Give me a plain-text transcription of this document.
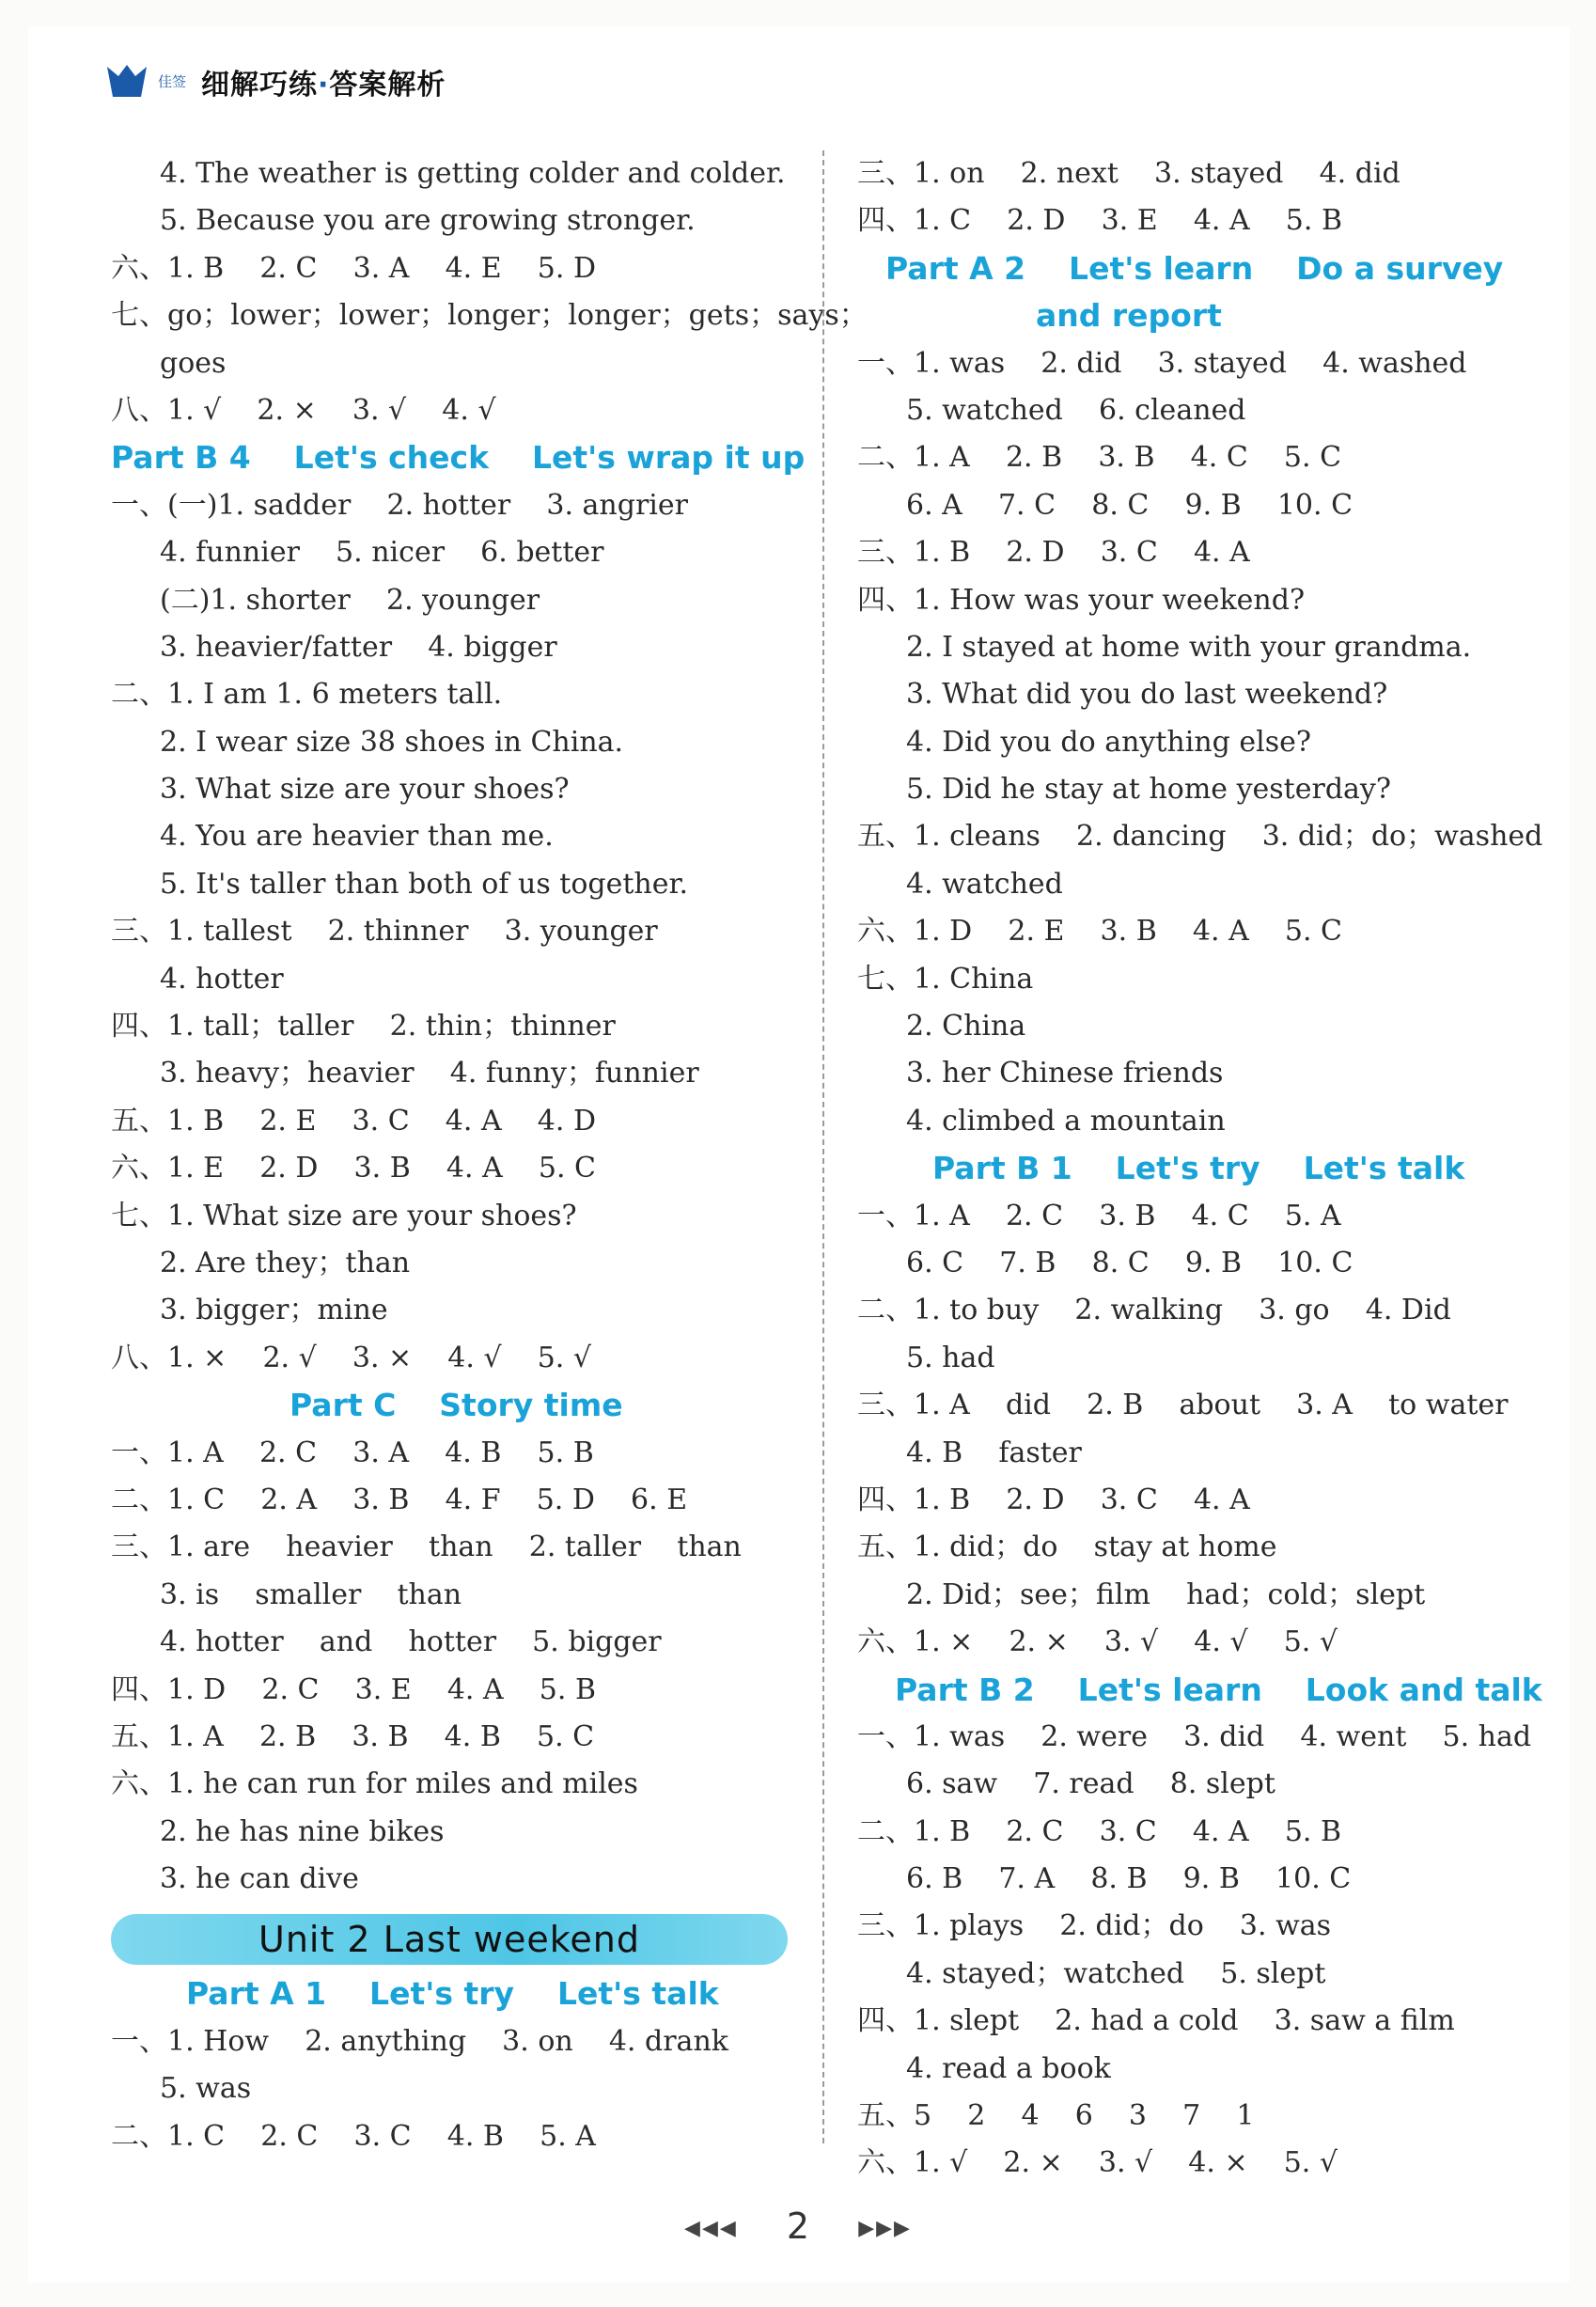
佳签 细解巧练·答案解析
4. The weather is getting colder and colder.
5. Because you are growing stronger.
六、1. B    2. C    3. A    4. E    5. D
七、go；lower；lower；longer；longer；gets；says；
goes
八、1. √    2. ×    3. √    4. √
Part B 4    Let's check    Let's wrap it up
一、(一)1. sadder    2. hotter    3. angrier
4. funnier    5. nicer    6. better
(二)1. shorter    2. younger
3. heavier/fatter    4. bigger
二、1. I am 1. 6 meters tall.
2. I wear size 38 shoes in China.
3. What size are your shoes?
4. You are heavier than me.
5. It's taller than both of us together.
三、1. tallest    2. thinner    3. younger
4. hotter
四、1. tall；taller    2. thin；thinner
3. heavy；heavier    4. funny；funnier
五、1. B    2. E    3. C    4. A    4. D
六、1. E    2. D    3. B    4. A    5. C
七、1. What size are your shoes?
2. Are they；than
3. bigger；mine
八、1. ×    2. √    3. ×    4. √    5. √
Part C    Story time
一、1. A    2. C    3. A    4. B    5. B
二、1. C    2. A    3. B    4. F    5. D    6. E
三、1. are    heavier    than    2. taller    than
3. is    smaller    than
4. hotter    and    hotter    5. bigger
四、1. D    2. C    3. E    4. A    5. B
五、1. A    2. B    3. B    4. B    5. C
六、1. he can run for miles and miles
2. he has nine bikes
3. he can dive
Unit 2 Last weekend
Part A 1    Let's try    Let's talk
一、1. How    2. anything    3. on    4. drank
5. was
二、1. C    2. C    3. C    4. B    5. A
三、1. on    2. next    3. stayed    4. did
四、1. C    2. D    3. E    4. A    5. B
Part A 2    Let's learn    Do a survey
and report
一、1. was    2. did    3. stayed    4. washed
5. watched    6. cleaned
二、1. A    2. B    3. B    4. C    5. C
6. A    7. C    8. C    9. B    10. C
三、1. B    2. D    3. C    4. A
四、1. How was your weekend?
2. I stayed at home with your grandma.
3. What did you do last weekend?
4. Did you do anything else?
5. Did he stay at home yesterday?
五、1. cleans    2. dancing    3. did；do；washed
4. watched
六、1. D    2. E    3. B    4. A    5. C
七、1. China
2. China
3. her Chinese friends
4. climbed a mountain
Part B 1    Let's try    Let's talk
一、1. A    2. C    3. B    4. C    5. A
6. C    7. B    8. C    9. B    10. C
二、1. to buy    2. walking    3. go    4. Did
5. had
三、1. A    did    2. B    about    3. A    to water
4. B    faster
四、1. B    2. D    3. C    4. A
五、1. did；do    stay at home
2. Did；see；film    had；cold；slept
六、1. ×    2. ×    3. √    4. √    5. √
Part B 2    Let's learn    Look and talk
一、1. was    2. were    3. did    4. went    5. had
6. saw    7. read    8. slept
二、1. B    2. C    3. C    4. A    5. B
6. B    7. A    8. B    9. B    10. C
三、1. plays    2. did；do    3. was
4. stayed；watched    5. slept
四、1. slept    2. had a cold    3. saw a film
4. read a book
五、5    2    4    6    3    7    1
六、1. √    2. ×    3. √    4. ×    5. √
◀◀◀ 2 ▶▶▶
